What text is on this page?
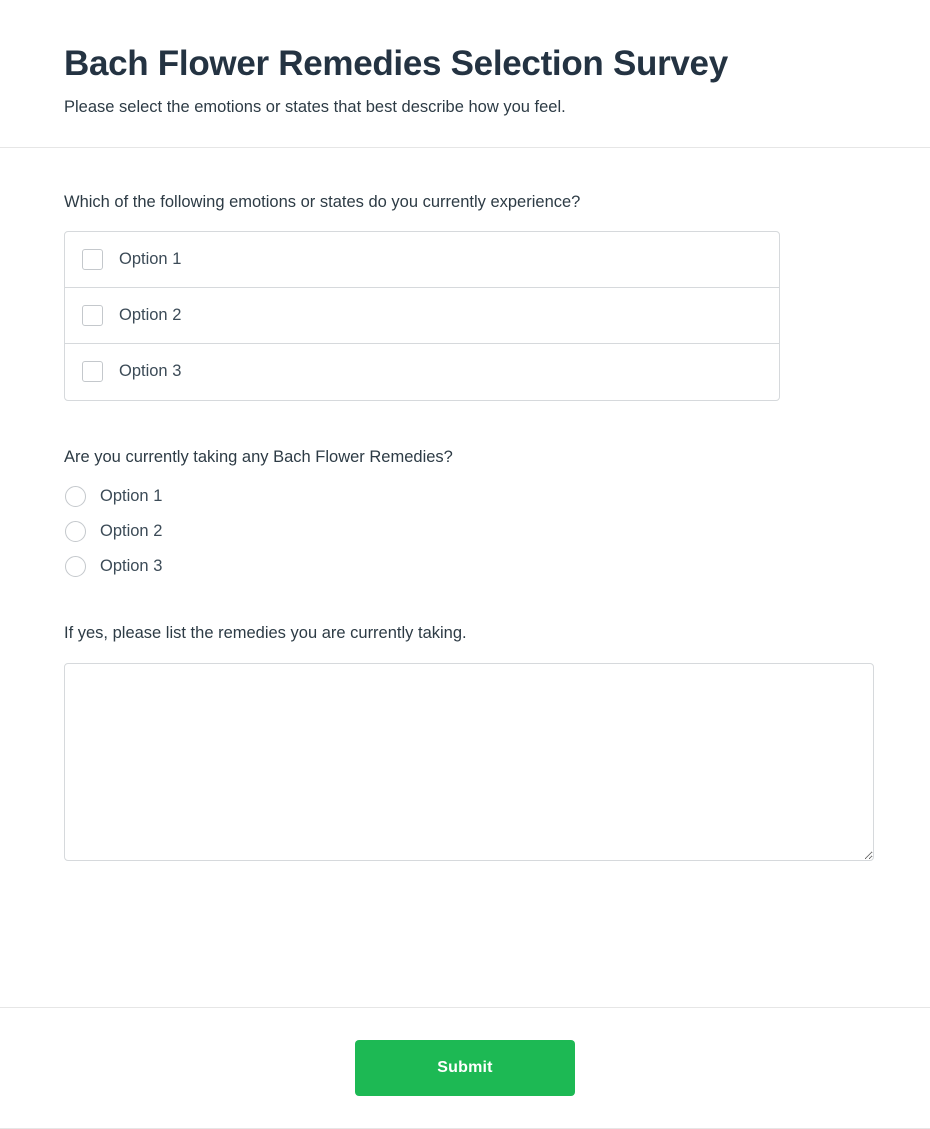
Bach Flower Remedies Selection Survey

Please select the emotions or states that best describe how you feel.

Which of the following emotions or states do you currently experience?
Option 1
Option 2
Option 3
Are you currently taking any Bach Flower Remedies?
Option 1
Option 2
Option 3
If yes, please list the remedies you are currently taking.
Submit
